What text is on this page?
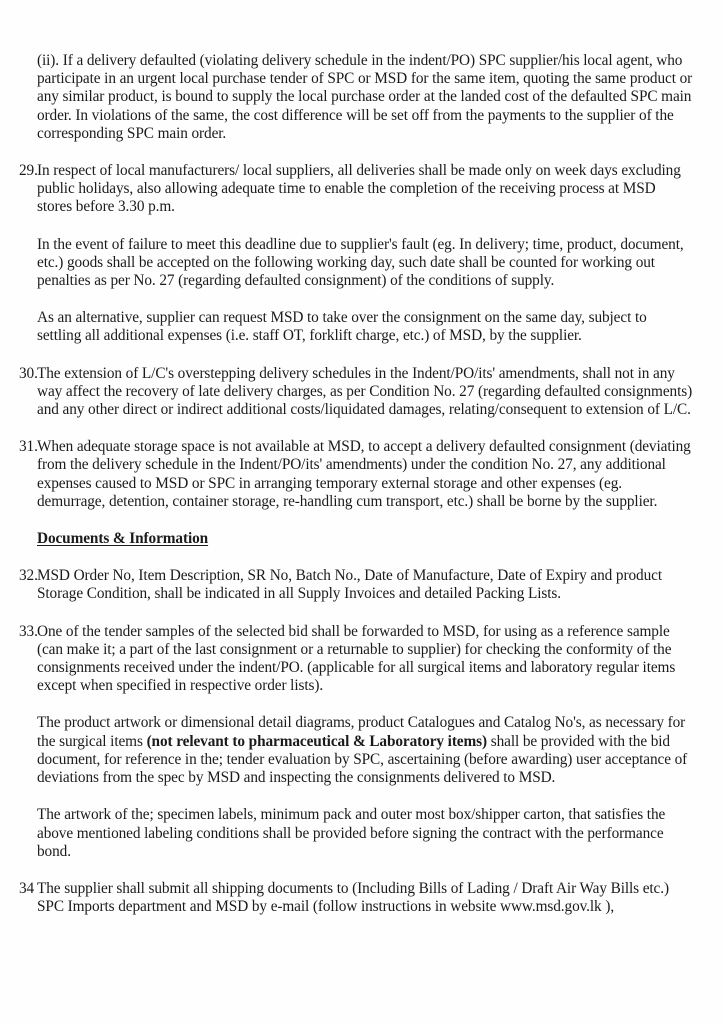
(ii). If a delivery defaulted (violating delivery schedule in the indent/PO) SPC supplier/his local agent, who participate in an urgent local purchase tender of SPC or MSD for the same item, quoting the same product or any similar product, is bound to supply the local purchase order at the landed cost of the defaulted SPC main order. In violations of the same, the cost difference will be set off from the payments to the supplier of the corresponding SPC main order.

29. In respect of local manufacturers/ local suppliers, all deliveries shall be made only on week days excluding public holidays, also allowing adequate time to enable the completion of the receiving process at MSD stores before 3.30 p.m.

In the event of failure to meet this deadline due to supplier's fault (eg. In delivery; time, product, document, etc.) goods shall be accepted on the following working day, such date shall be counted for working out penalties as per No. 27 (regarding defaulted consignment) of the conditions of supply.

As an alternative, supplier can request MSD to take over the consignment on the same day, subject to settling all additional expenses (i.e. staff OT, forklift charge, etc.) of MSD, by the supplier.

30. The extension of L/C's overstepping delivery schedules in the Indent/PO/its' amendments, shall not in any way affect the recovery of late delivery charges, as per Condition No. 27 (regarding defaulted consignments) and any other direct or indirect additional costs/liquidated damages, relating/consequent to extension of L/C.

31. When adequate storage space is not available at MSD, to accept a delivery defaulted consignment (deviating from the delivery schedule in the Indent/PO/its' amendments) under the condition No. 27, any additional expenses caused to MSD or SPC in arranging temporary external storage and other expenses (eg. demurrage, detention, container storage, re-handling cum transport, etc.) shall be borne by the supplier.

Documents & Information
32. MSD Order No, Item Description, SR No, Batch No., Date of Manufacture, Date of Expiry and product Storage Condition, shall be indicated in all Supply Invoices and detailed Packing Lists.

33. One of the tender samples of the selected bid shall be forwarded to MSD, for using as a reference sample (can make it; a part of the last consignment or a returnable to supplier) for checking the conformity of the consignments received under the indent/PO. (applicable for all surgical items and laboratory regular items except when specified in respective order lists).

The product artwork or dimensional detail diagrams, product Catalogues and Catalog No's, as necessary for the surgical items (not relevant to pharmaceutical & Laboratory items) shall be provided with the bid document, for reference in the; tender evaluation by SPC, ascertaining (before awarding) user acceptance of deviations from the spec by MSD and inspecting the consignments delivered to MSD.

The artwork of the; specimen labels, minimum pack and outer most box/shipper carton, that satisfies the above mentioned labeling conditions shall be provided before signing the contract with the performance bond.

34 The supplier shall submit all shipping documents to (Including Bills of Lading / Draft Air Way Bills etc.) SPC Imports department and MSD by e-mail (follow instructions in website www.msd.gov.lk ),
